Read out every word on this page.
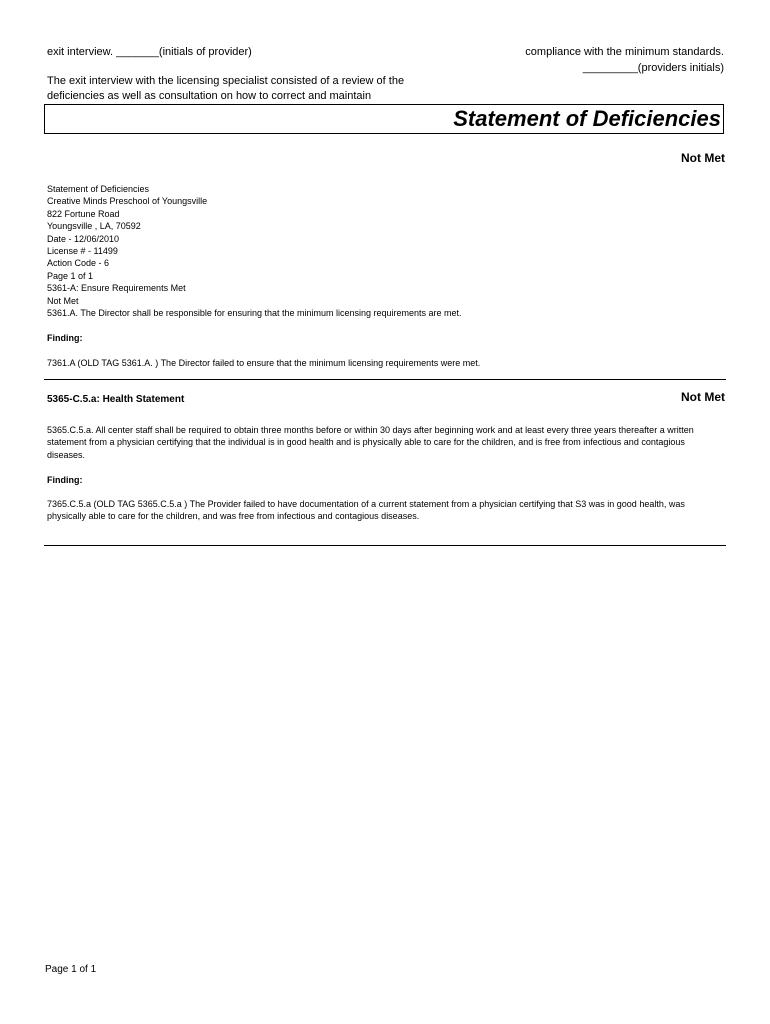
exit interview. _______(initials of provider)	compliance with the minimum standards.
_________(providers initials)
The exit interview with the licensing specialist consisted of a review of the
deficiencies as well as consultation on how to correct and maintain
Statement of Deficiencies
Not Met
Statement of Deficiencies
Creative Minds Preschool of Youngsville
822 Fortune Road
Youngsville , LA, 70592
Date - 12/06/2010
License # - 11499
Action Code - 6
Page 1 of 1
5361-A: Ensure Requirements Met
Not Met
5361.A. The Director shall be responsible for ensuring that the minimum licensing requirements are met.
Finding:
7361.A (OLD TAG 5361.A. ) The Director failed to ensure that the minimum licensing requirements were met.
5365-C.5.a: Health Statement	Not Met
5365.C.5.a. All center staff shall be required to obtain three months before or within 30 days after beginning work and at least every three years thereafter a written statement from a physician certifying that the individual is in good health and is physically able to care for the children, and is free from infectious and contagious diseases.
Finding:
7365.C.5.a (OLD TAG 5365.C.5.a ) The Provider failed to have documentation of a current statement from a physician certifying that S3 was in good health, was physically able to care for the children, and was free from infectious and contagious diseases.
Page 1 of 1
